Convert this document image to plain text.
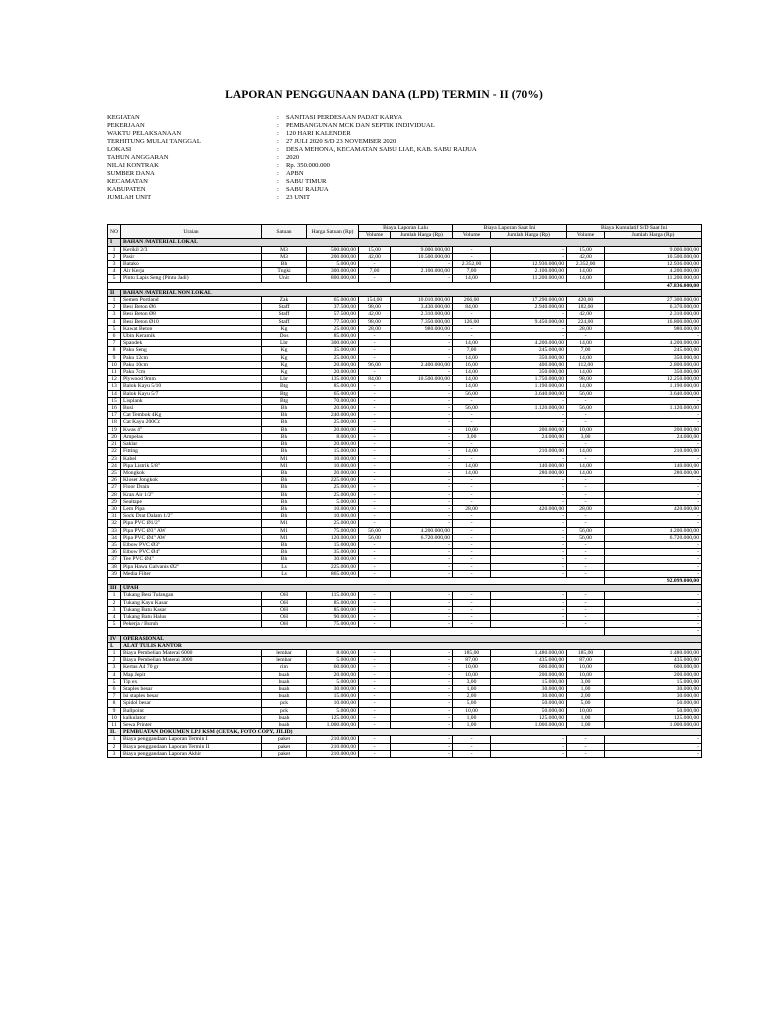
LAPORAN PENGGUNAAN DANA (LPD) TERMIN - II (70%)
KEGIATAN	:	SANITASI PERDESAAN PADAT KARYA
PEKERJAAN	:	PEMBANGUNAN MCK DAN SEPTIK INDIVIDUAL
WAKTU PELAKSANAAN	:	120 HARI KALENDER
TERHITUNG MULAI TANGGAL	:	27 JULI 2020 S/D 23 NOVEMBER 2020
LOKASI	:	DESA MEHONA, KECAMATAN SABU LIAE, KAB. SABU RAIJUA
TAHUN ANGGARAN	:	2020
NILAI KONTRAK	:	Rp. 350.000.000
SUMBER DANA	:	APBN
KECAMATAN	:	SABU TIMUR
KABUPATEN	:	SABU RAIJUA
JUMLAH UNIT	:	23 UNIT
NO	Uraian	Satuan	Harga Satuan (Rp)	Biaya Laporan Lalu		Biaya Laporan Saat Ini		Biaya Kumulatif S/D Saat Ini	
				Volume	Jumlah Harga (Rp)	Volume	Jumlah Harga (Rp)	Volume	Jumlah Harga (Rp)
I	BAHAN /MATERIAL LOKAL								
1	Kerikil 2/3	M3	500.000,00	15,00	9.000.000,00	-	-	15,00	9.000.000,00
2	Pasir	M3	200.000,00	42,00	10.500.000,00	-	-	42,00	10.500.000,00
3	Batako	Bh	5.000,00	-	-	2.352,00	12.936.000,00	2.352,00	12.936.000,00
4	Air Kerja	Tngki	300.000,00	7,00	2.100.000,00	7,00	2.100.000,00	14,00	4.200.000,00
5	Pintu Lapis Seng (Pintu Jadi)	Unit	800.000,00	-	-	14,00	11.200.000,00	14,00	11.200.000,00
									47.836.000,00
II	BAHAN /MATERIAL NON LOKAL								
1	Semen Portland	Zak	65.000,00	154,00	10.010.000,00	266,00	17.290.000,00	420,00	27.300.000,00
2	Besi Beton Ø6	Staff	37.500,00	98,00	3.430.000,00	84,00	2.940.000,00	182,00	6.370.000,00
3	Besi Beton Ø8	Staff	57.500,00	42,00	2.310.000,00	-	-	42,00	2.310.000,00
4	Besi Beton Ø10	Staff	77.500,00	98,00	7.350.000,00	126,00	9.450.000,00	224,00	16.800.000,00
5	Kawat Beton	Kg	25.000,00	28,00	980.000,00	-	-	28,00	980.000,00
6	Ubin Keramik	Dos	85.000,00	-	-	-	-	-	-
7	Spandek	Lbr	300.000,00	-	-	14,00	4.200.000,00	14,00	4.200.000,00
8	Paku Seng	Kg	35.000,00	-	-	7,00	245.000,00	7,00	245.000,00
9	Paku 12cm	Kg	25.000,00	-	-	14,00	350.000,00	14,00	350.000,00
10	Paku 10cm	Kg	20.000,00	96,00	2.400.000,00	16,00	400.000,00	112,00	2.800.000,00
11	Paku 7cm	Kg	20.000,00	-	-	14,00	350.000,00	14,00	350.000,00
12	Plywood 9mm	Lbr	135.000,00	84,00	10.500.000,00	14,00	1.750.000,00	98,00	12.250.000,00
13	Balok Kayu 5/10	Btg	85.000,00	-	-	14,00	1.190.000,00	14,00	1.190.000,00
14	Balok Kayu 5/7	Btg	65.000,00	-	-	56,00	3.640.000,00	56,00	3.640.000,00
15	Lisplank	Btg	70.000,00	-	-	-	-	-	-
16	Busi	Bh	20.000,00	-	-	56,00	1.120.000,00	56,00	1.120.000,00
17	Cat Tembok 4Kg	Bh	240.000,00	-	-	-	-	-	-
18	Cat Kayu 200Cc	Bh	25.000,00	-	-	-	-	-	-
19	Kwas 4"	Bh	20.000,00	-	-	10,00	200.000,00	10,00	200.000,00
20	Ampelas	Bh	8.000,00	-	-	3,00	24.000,00	3,00	24.000,00
21	Saklar	Bh	20.000,00	-	-	-	-	-	-
22	Fitting	Bh	15.000,00	-	-	14,00	210.000,00	14,00	210.000,00
23	Kabel	M1	10.000,00	-	-	-	-	-	-
24	Pipa Listrik 5/8"	M1	10.000,00	-	-	14,00	140.000,00	14,00	140.000,00
25	Mongkok	Bh	20.000,00	-	-	14,00	280.000,00	14,00	280.000,00
26	Kloset Jongkok	Bh	225.000,00	-	-	-	-	-	-
27	Floor Drain	Bh	25.000,00	-	-	-	-	-	-
28	Kran Air 1/2"	Bh	25.000,00	-	-	-	-	-	-
29	Sealtape	Bh	5.000,00	-	-	-	-	-	-
30	Lem Pipa	Bh	10.000,00	-	-	28,00	420.000,00	28,00	420.000,00
31	Sock Drat Dalam 1/2"	Bh	10.000,00	-	-	-	-	-	-
32	Pipa PVC Ø1/2"	M1	25.000,00	-	-	-	-	-	-
33	Pipa PVC Ø3" AW	M1	75.000,00	56,00	4.200.000,00	-	-	56,00	4.200.000,00
34	Pipa PVC Ø4" AW	M1	120.000,00	56,00	6.720.000,00	-	-	56,00	6.720.000,00
35	Elbow PVC Ø3"	Bh	15.000,00	-	-	-	-	-	-
36	Elbow PVC Ø4"	Bh	35.000,00	-	-	-	-	-	-
37	Tee PVC Ø4"	Bh	30.000,00	-	-	-	-	-	-
38	Pipa Hawa Galvanis Ø2"	Ls	225.000,00	-	-	-	-	-	-
39	Media Filter	Ls	865.000,00	-	-	-	-	-	-
									92.099.000,00
III	UPAH								
1	Tukang Besi Tulangan	OH	115.000,00	-	-	-	-	-	-
2	Tukang Kayu Kasar	OH	85.000,00	-	-	-	-	-	-
3	Tukang Batu Kasar	OH	85.000,00	-	-	-	-	-	-
4	Tukang Batu Halus	OH	90.000,00	-	-	-	-	-	-
5	Pekerja / Buruh	OH	75.000,00	-	-	-	-	-	-
									-
IV	OPERASIONAL								
I.	ALAT TULIS KANTOR								
1	Biaya Pembelian Materai 6000	lembar	8.000,00	-	-	185,00	1.480.000,00	185,00	1.480.000,00
2	Biaya Pembelian Materai 3000	lembar	5.000,00	-	-	87,00	435.000,00	87,00	435.000,00
3	Kertas A4 70 gr	rim	60.000,00	-	-	10,00	600.000,00	10,00	600.000,00
4	Map Jepit	buah	20.000,00	-	-	10,00	200.000,00	10,00	200.000,00
5	Tip ex	buah	5.000,00	-	-	3,00	15.000,00	3,00	15.000,00
6	Staples besar	buah	30.000,00	-	-	1,00	30.000,00	1,00	30.000,00
7	Isi staples besar	buah	15.000,00	-	-	2,00	30.000,00	2,00	30.000,00
8	Spidol besar	pck	10.000,00	-	-	5,00	50.000,00	5,00	50.000,00
9	Ballpoint	pck	5.000,00	-	-	10,00	50.000,00	10,00	50.000,00
10	kalkulator	buah	125.000,00	-	-	1,00	125.000,00	1,00	125.000,00
11	Sewa Printer	buah	1.000.000,00	-	-	1,00	1.000.000,00	1,00	1.000.000,00
II.	PEMBUATAN DOKUMEN LPJ KSM (CETAK, FOTO COPY, JILID)								
1	Biaya penggandaan Laporan Termin I	paket	210.000,00	-	-	-	-	-	-
2	Biaya penggandaan Laporan Termin II	paket	210.000,00	-	-	-	-	-	-
3	Biaya penggandaan Laporan Akhir	paket	210.000,00	-	-	-	-	-	-
